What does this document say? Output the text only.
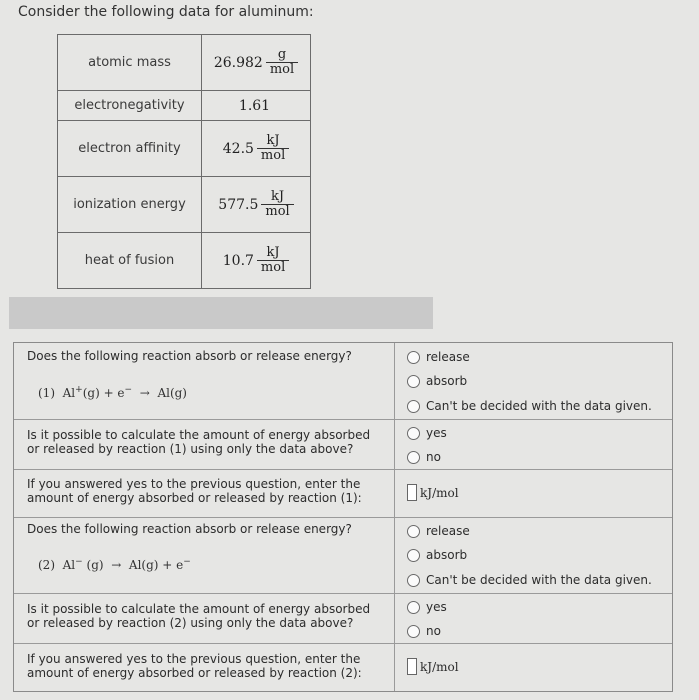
Consider the following data for aluminum:
atomic mass	$26.982 \frac{g}{\text{mol}}$

electronegativity	1.61

electron affinity	$42.5 \frac{kJ}{\text{mol}}$

ionization energy	$577.5 \frac{kJ}{\text{mol}}$

heat of fusion	$10.7 \frac{kJ}{\text{mol}}$
Does the following reaction absorb or release energy?
(1) Al+(g) + e− → Al(g)
release
absorb
Can't be decided with the data given.
Is it possible to calculate the amount of energy absorbed
or released by reaction (1) using only the data above?
yes
no
If you answered yes to the previous question, enter the
amount of energy absorbed or released by reaction (1):	kJ/mol
Does the following reaction absorb or release energy?
(2) Al− (g) → Al(g) + e−
release
absorb
Can't be decided with the data given.
Is it possible to calculate the amount of energy absorbed
or released by reaction (2) using only the data above?
yes
no
If you answered yes to the previous question, enter the
amount of energy absorbed or released by reaction (2):	kJ/mol
